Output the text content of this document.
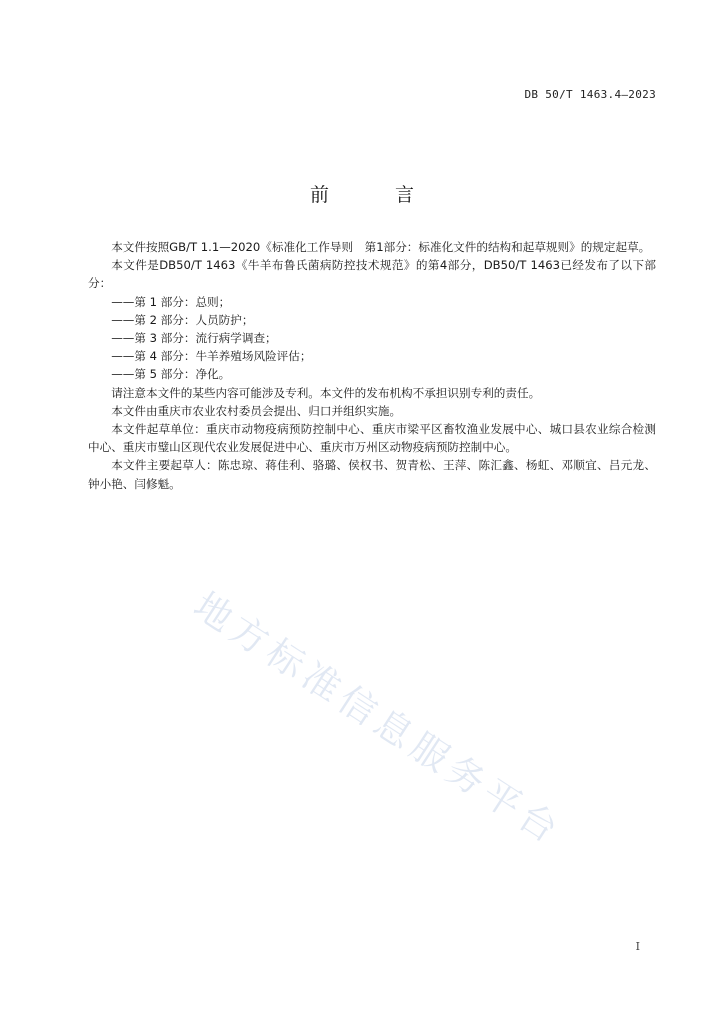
DB 50/T 1463.4—2023
前 言

本文件按照GB/T 1.1—2020《标准化工作导则　第1部分：标准化文件的结构和起草规则》的规定起草。

本文件是DB50/T 1463《牛羊布鲁氏菌病防控技术规范》的第4部分，DB50/T 1463已经发布了以下部分：

——第 1 部分：总则；

——第 2 部分：人员防护；

——第 3 部分：流行病学调查；

——第 4 部分：牛羊养殖场风险评估；

——第 5 部分：净化。

请注意本文件的某些内容可能涉及专利。本文件的发布机构不承担识别专利的责任。

本文件由重庆市农业农村委员会提出、归口并组织实施。

本文件起草单位：重庆市动物疫病预防控制中心、重庆市梁平区畜牧渔业发展中心、城口县农业综合检测中心、重庆市璧山区现代农业发展促进中心、重庆市万州区动物疫病预防控制中心。

本文件主要起草人：陈忠琼、蒋佳利、骆璐、侯权书、贺青松、王萍、陈汇鑫、杨虹、邓顺宜、吕元龙、钟小艳、闫修魁。

地方标准信息服务平台
I
